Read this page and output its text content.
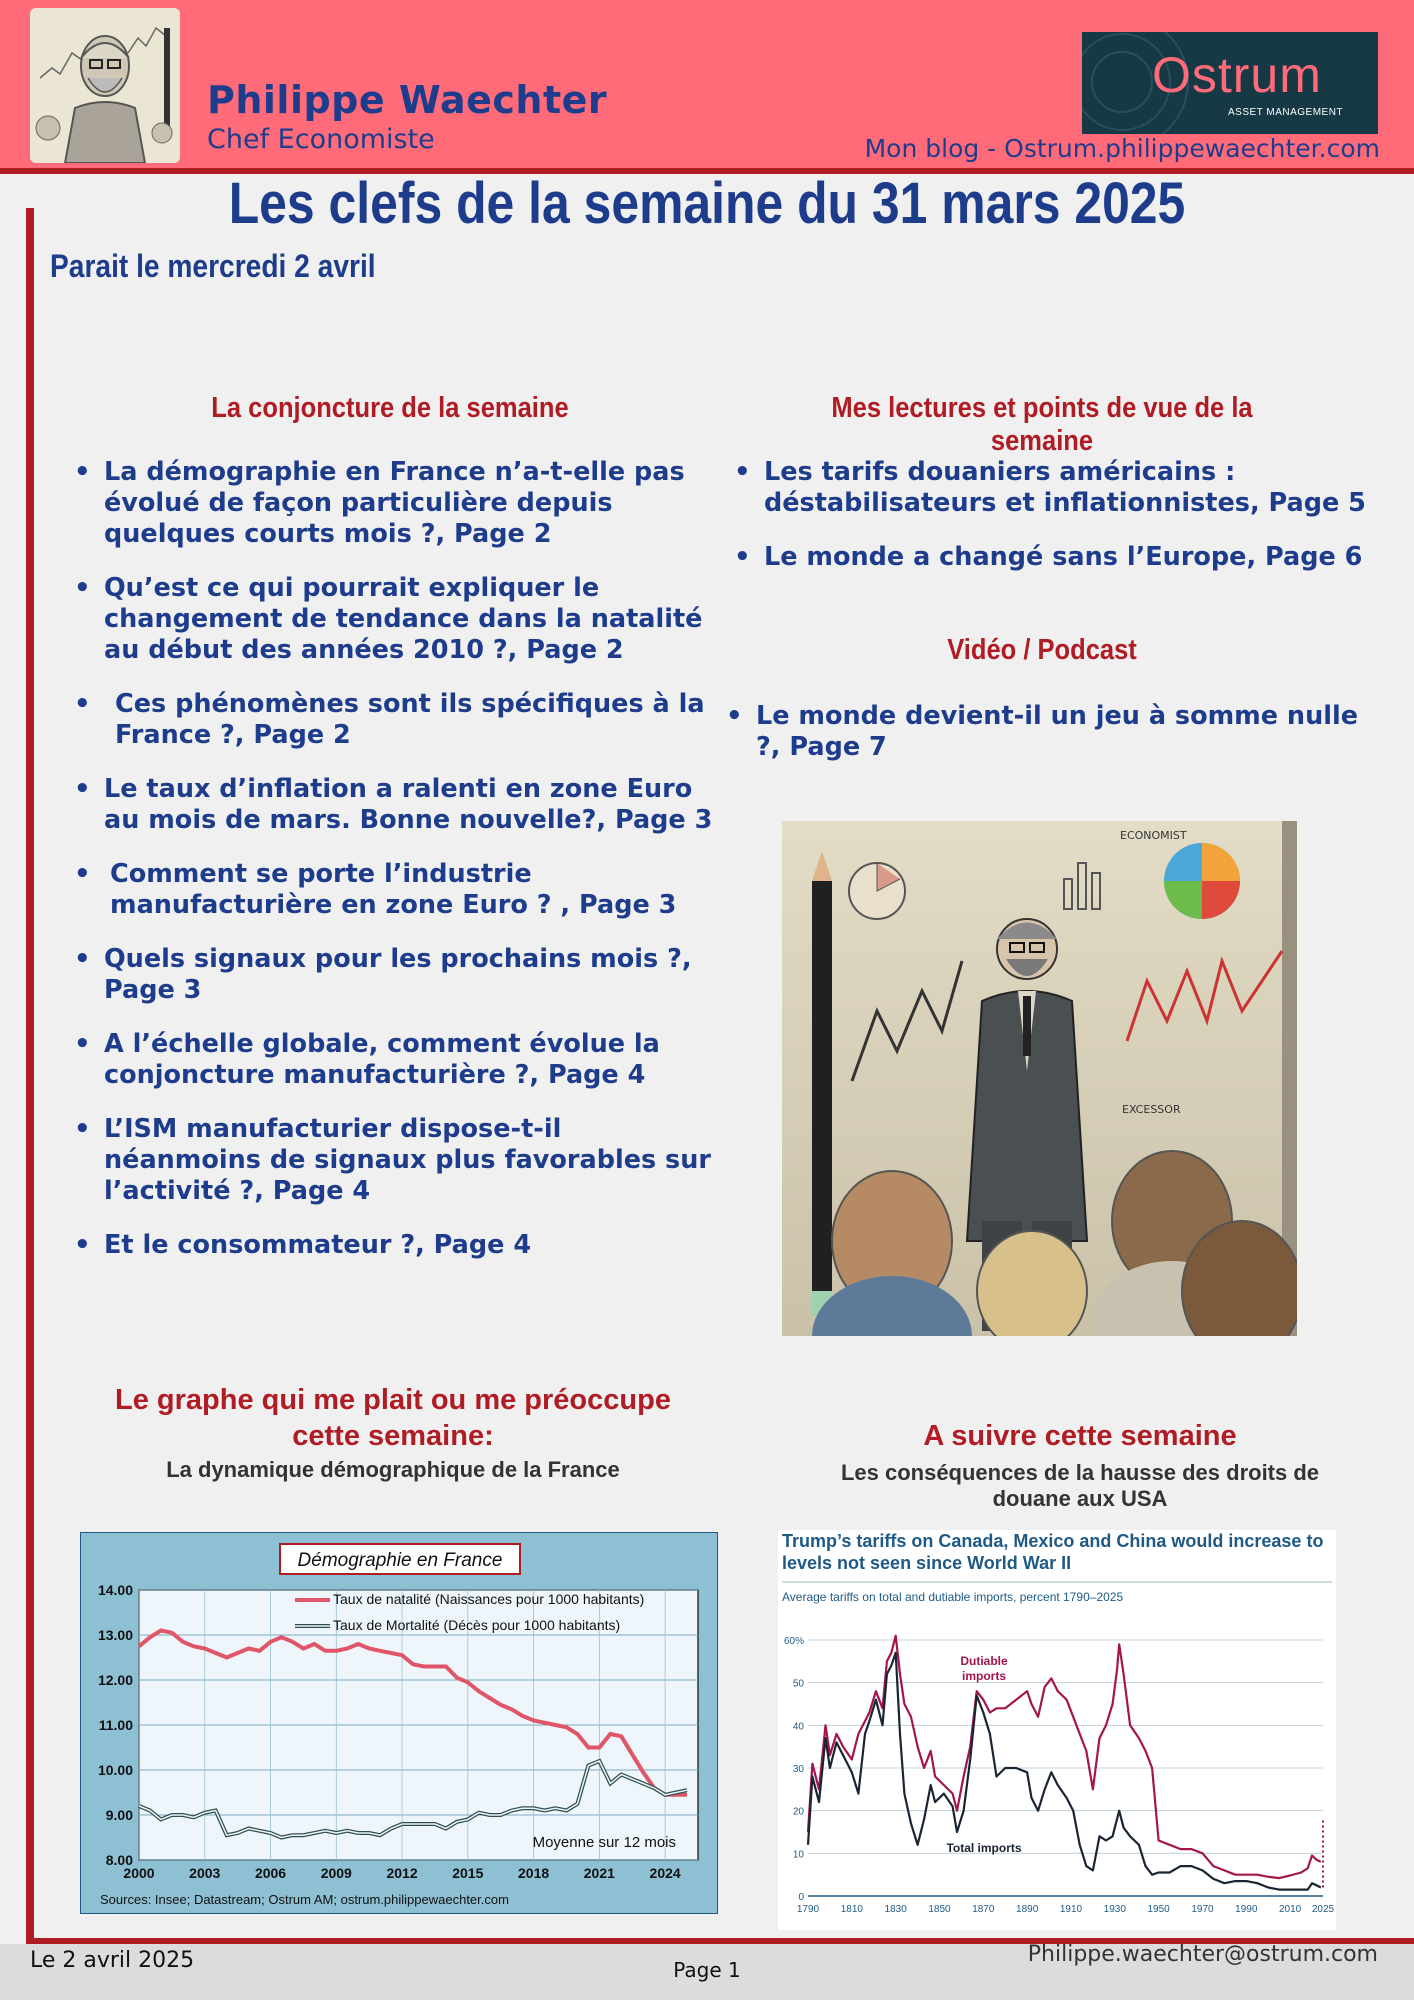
Philippe Waechter
Chef Economiste
Ostrum
ASSET MANAGEMENT
Mon blog - Ostrum.philippewaechter.com
Les clefs de la semaine du 31 mars 2025
Parait le mercredi 2 avril
La conjoncture de la semaine
• La démographie en France n’a-t-elle pas évolué de façon particulière depuis quelques courts mois ?, Page 2
• Qu’est ce qui pourrait expliquer le changement de tendance dans la natalité au début des années 2010 ?, Page 2
• Ces phénomènes sont ils spécifiques à la France ?, Page 2
• Le taux d’inflation a ralenti en zone Euro au mois de mars. Bonne nouvelle?, Page 3
• Comment se porte l’industrie manufacturière en zone Euro ? , Page 3
• Quels signaux pour les prochains mois ?, Page 3
• A l’échelle globale, comment évolue la conjoncture manufacturière ?, Page 4
• L’ISM manufacturier dispose-t-il néanmoins de signaux plus favorables sur l’activité ?, Page 4
• Et le consommateur ?, Page 4
Mes lectures et points de vue de la semaine
• Les tarifs douaniers américains : déstabilisateurs et inflationnistes, Page 5
• Le monde a changé sans l’Europe, Page 6
Vidéo / Podcast
• Le monde devient-il un jeu à somme nulle ?, Page 7
ECONOMIST
EXCESSOR
Le graphe qui me plait ou me préoccupe cette semaine:
La dynamique démographique de la France
A suivre cette semaine
Les conséquences de la hausse des droits de douane aux USA
Démographie en France
14.00
13.00
12.00
11.00
10.00
9.00
8.00
2000 2003 2006 2009 2012 2015 2018 2021 2024
Taux de natalité (Naissances pour 1000 habitants)
Taux de Mortalité (Décès pour 1000 habitants)
Moyenne sur 12 mois
Sources: Insee; Datastream; Ostrum AM; ostrum.philippewaechter.com
Trump’s tariffs on Canada, Mexico and China would increase to levels not seen since World War II
Average tariffs on total and dutiable imports, percent 1790–2025
0
10
20
30
40
50
60%
1790 1810 1830 1850 1870 1890 1910 1930 1950 1970 1990 2010 2025
Dutiable imports
Total imports
Le 2 avril 2025	Page 1
Philippe.waechter@ostrum.com
